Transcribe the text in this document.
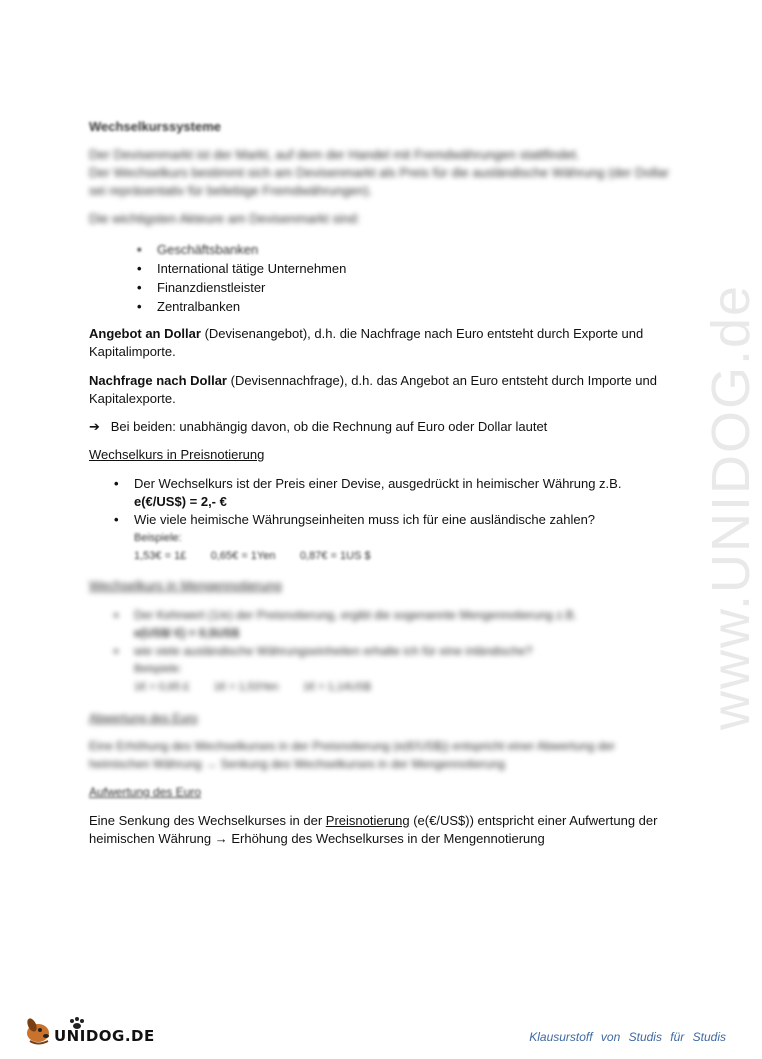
Wechselkurssysteme

Der Devisenmarkt ist der Markt, auf dem der Handel mit Fremdwährungen stattfindet.

Der Wechselkurs bestimmt sich am Devisenmarkt als Preis für die ausländische Währung (der Dollar

sei repräsentativ für beliebige Fremdwährungen).

Die wichtigsten Akteure am Devisenmarkt sind:

• Geschäftsbanken
• International tätige Unternehmen
• Finanzdienstleister
• Zentralbanken

Angebot an Dollar (Devisenangebot), d.h. die Nachfrage nach Euro entsteht durch Exporte und

Kapitalimporte.

Nachfrage nach Dollar (Devisennachfrage), d.h. das Angebot an Euro entsteht durch Importe und

Kapitalexporte.

➔ Bei beiden: unabhängig davon, ob die Rechnung auf Euro oder Dollar lautet

Wechselkurs in Preisnotierung

• Der Wechselkurs ist der Preis einer Devise, ausgedrückt in heimischer Währung z.B.
e(€/US$) = 2,- €
• Wie viele heimische Währungseinheiten muss ich für eine ausländische zahlen?
Beispiele:
1,53€ = 1£        0,65€ = 1Yen        0,87€ = 1US $

Wechselkurs in Mengennotierung

• Der Kehrwert (1/e) der Preisnotierung, ergibt die sogenannte Mengennotierung z.B.
e(US$/ €) = 0,5US$
• wie viele ausländische Währungseinheiten erhalte ich für eine inländische?
Beispiele:
1€ = 0,65 £        1€ = 1,53Yen        1€ = 1,14US$

Abwertung des Euro

Eine Erhöhung des Wechselkurses in der Preisnotierung (e(€/US$)) entspricht einer Abwertung der

heimischen Währung → Senkung des Wechselkurses in der Mengennotierung

Aufwertung des Euro

Eine Senkung des Wechselkurses in der Preisnotierung (e(€/US$)) entspricht einer Aufwertung der

heimischen Währung → Erhöhung des Wechselkurses in der Mengennotierung

www.UNIDOG.de
UNIDOG.DE	Klausurstoff von Studis für Studis
